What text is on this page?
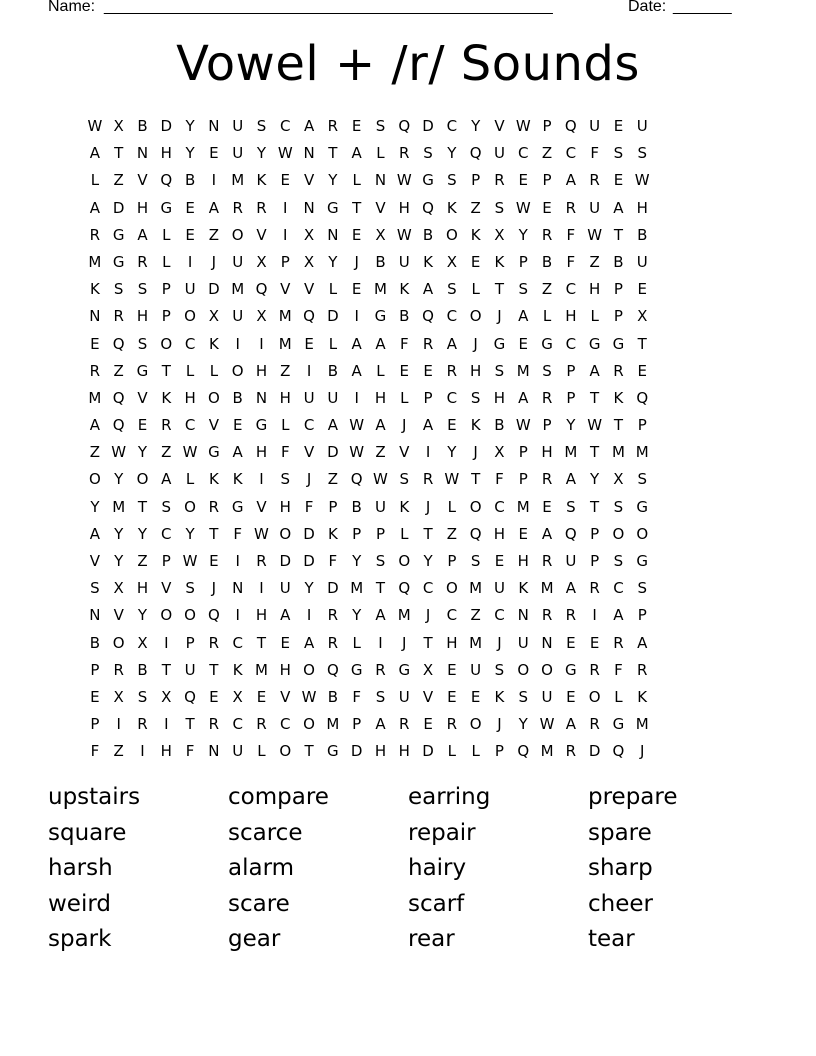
Name: ______________________________________________________	Date: _______
Vowel + /r/ Sounds
W X B D Y N U S C A R E S Q D C Y V W P Q U E U
A T N H Y E U Y W N T A L R S Y Q U C Z C F S S
L Z V Q B	I	M K E V Y	L N W G S P R E P A R E W
A D H G E A R R	I	N G T V H Q K Z S W E R U A H
R G A L E Z O V	I	X N E X W B O K X Y R F W T B
M G R L	I	J	U X P X Y	J	B U K X E K P B F Z B U
K S S P U D M Q V V L E M K A S L	T S Z C H P E
N R H P O X U X M Q D	I	G B Q C O	J	A L H L	P X
E Q S O C K	I	I	M E L A A F R A	J	G E G C G G T
R Z G T	L	L O H Z	I	B A L E E R H S M S P A R E
M Q V K H O B N H U U	I	H L	P C S H A R P T K Q
A Q E R C V E G L C A W A	J	A E K B W P Y W T P
Z W Y Z W G A H F V D W Z V	I	Y	J	X P H M T M M
O Y O A L K K	I	S	J	Z Q W S R W T F P R A Y X S
Y M T S O R G V H F P B U K	J	L O C M E S T S G
A Y Y C Y T F W O D K P P	L	T Z Q H E A Q P O O
V Y Z P W E	I	R D D F Y S O Y P S E H R U P S G
S X H V S	J	N	I	U Y D M T Q C O M U K M A R C S
N V Y O O Q	I	H A	I	R Y A M	J	C Z C N R R	I	A P
B O X	I	P R C T E A R L	I	J	T H M	J	U N E E R A
P R B T U T K M H O Q G R G X E U S O O G R F R
E X S X Q E X E V W B F S U V E E K S U E O L K
P	I	R	I	T R C R C O M P A R E R O	J	Y W A R G M
F Z	I	H F N U L O T G D H H D L	L	P Q M R D Q	J
upstairs	compare	earring	prepare
square	scarce	repair	spare
harsh	alarm	hairy	sharp
weird	scare	scarf	cheer
spark	gear	rear	tear
